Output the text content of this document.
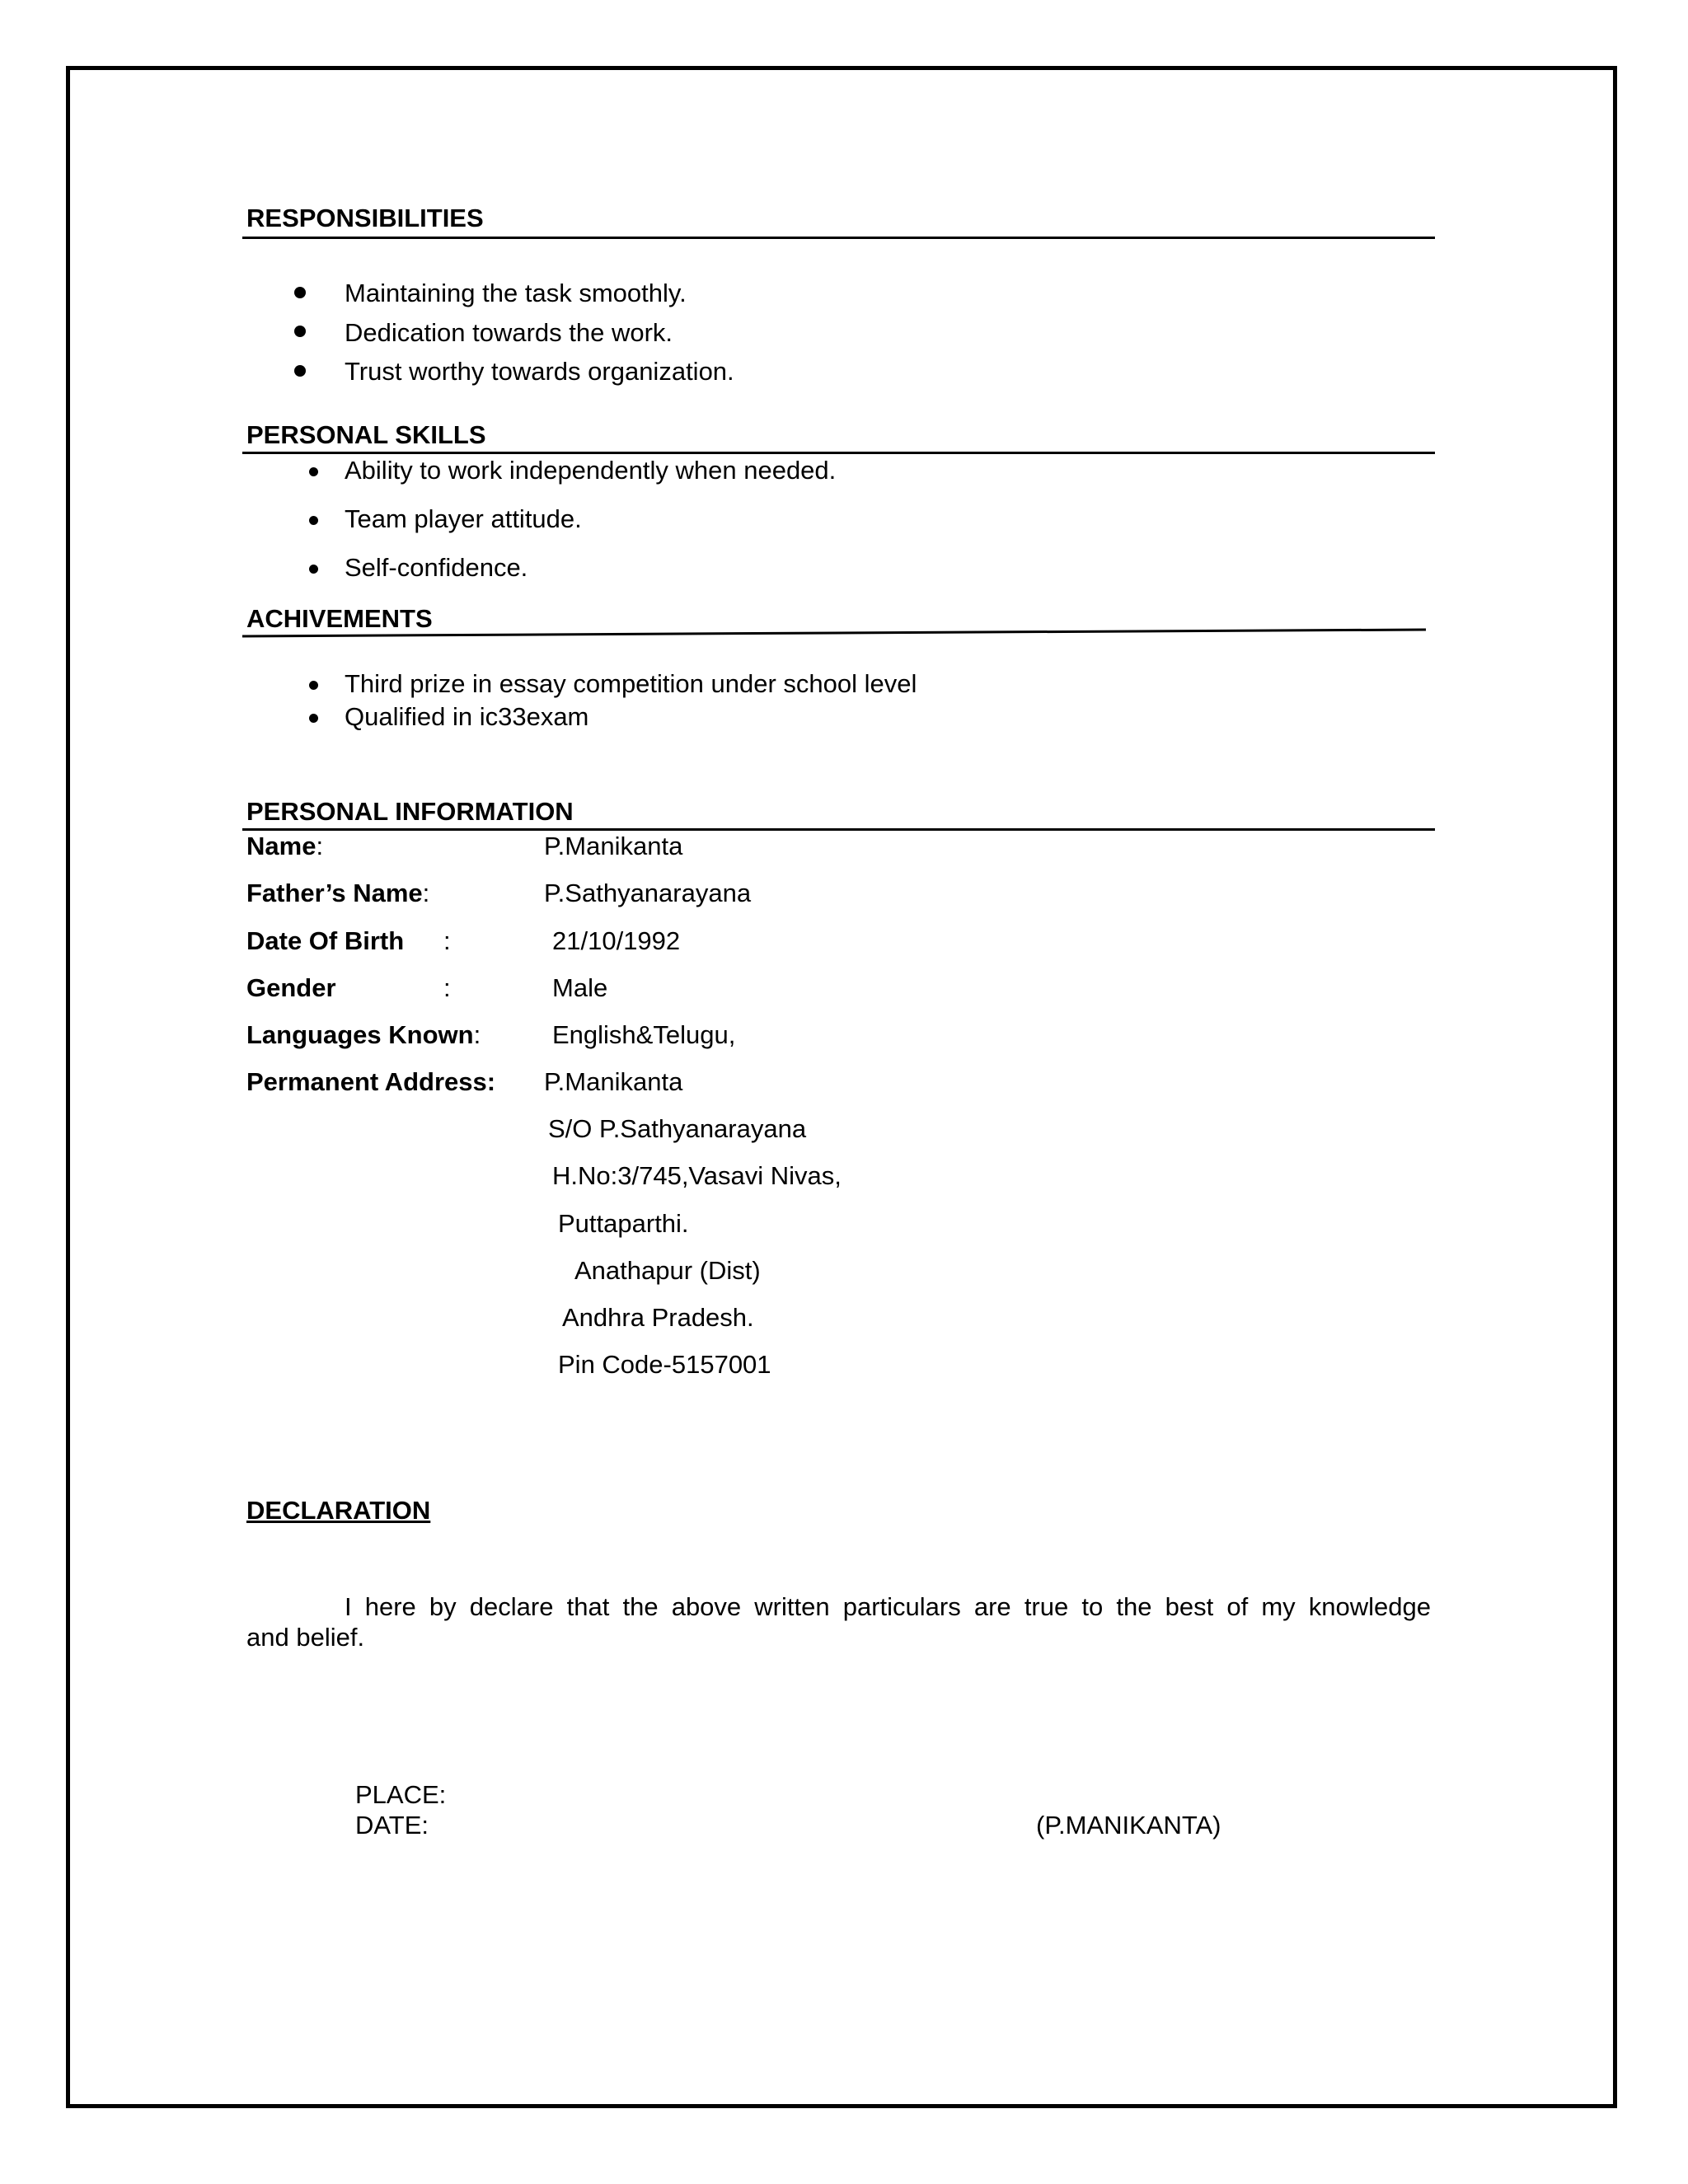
RESPONSIBILITIES
Maintaining the task smoothly.
Dedication towards the work.
Trust worthy towards organization.
PERSONAL SKILLS
Ability to work independently when needed.
Team player attitude.
Self-confidence.
ACHIVEMENTS
Third prize in essay competition under school level
Qualified in ic33exam
PERSONAL INFORMATION
Name:	P.Manikanta
Father’s Name:	P.Sathyanarayana
Date Of Birth :	21/10/1992
Gender	:	Male
Languages Known:	English&Telugu,
Permanent Address: P.Manikanta
S/O P.Sathyanarayana
H.No:3/745,Vasavi Nivas,
Puttaparthi.
Anathapur (Dist)
Andhra Pradesh.
Pin Code-5157001
DECLARATION
I here by declare that the above written particulars are true to the best of my knowledge
and belief.
PLACE:
DATE:	(P.MANIKANTA)
